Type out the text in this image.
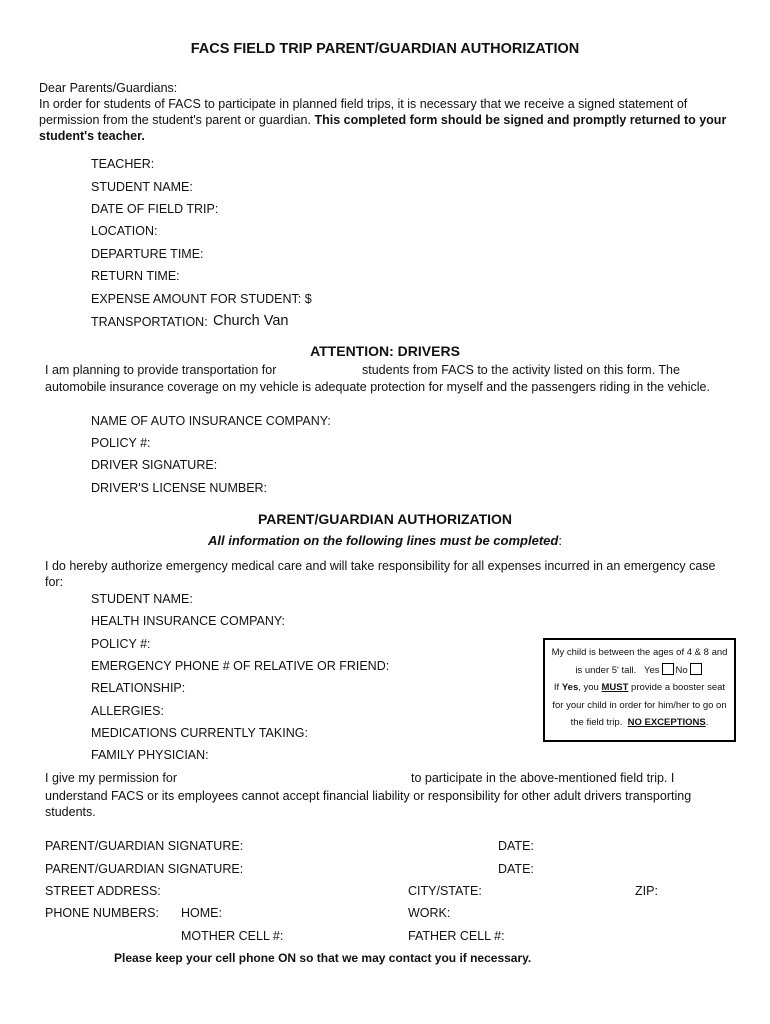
FACS FIELD TRIP PARENT/GUARDIAN AUTHORIZATION
Dear Parents/Guardians:
In order for students of FACS to participate in planned field trips, it is necessary that we receive a signed statement of permission from the student's parent or guardian. This completed form should be signed and promptly returned to your student's teacher.
TEACHER:
STUDENT NAME:
DATE OF FIELD TRIP:
LOCATION:
DEPARTURE TIME:
RETURN TIME:
EXPENSE AMOUNT FOR STUDENT: $
TRANSPORTATION: Church Van
ATTENTION: DRIVERS
I am planning to provide transportation for	students from FACS to the activity listed on this form. The
automobile insurance coverage on my vehicle is adequate protection for myself and the passengers riding in the vehicle.
NAME OF AUTO INSURANCE COMPANY:
POLICY #:
DRIVER SIGNATURE:
DRIVER'S LICENSE NUMBER:
PARENT/GUARDIAN AUTHORIZATION
All information on the following lines must be completed:
I do hereby authorize emergency medical care and will take responsibility for all expenses incurred in an emergency case for:
STUDENT NAME:
HEALTH INSURANCE COMPANY:
POLICY #:
EMERGENCY PHONE # OF RELATIVE OR FRIEND:
RELATIONSHIP:
ALLERGIES:
MEDICATIONS CURRENTLY TAKING:
FAMILY PHYSICIAN:
My child is between the ages of 4 & 8 and
is under 5' tall. Yes No
If Yes, you MUST provide a booster seat
for your child in order for him/her to go on
the field trip. NO EXCEPTIONS.
I give my permission for	to participate in the above-mentioned field trip. I
understand FACS or its employees cannot accept financial liability or responsibility for other adult drivers transporting students.
PARENT/GUARDIAN SIGNATURE:	DATE:
PARENT/GUARDIAN SIGNATURE:	DATE:
STREET ADDRESS:	CITY/STATE:	ZIP:
PHONE NUMBERS: HOME:	WORK:
MOTHER CELL #:	FATHER CELL #:
Please keep your cell phone ON so that we may contact you if necessary.
